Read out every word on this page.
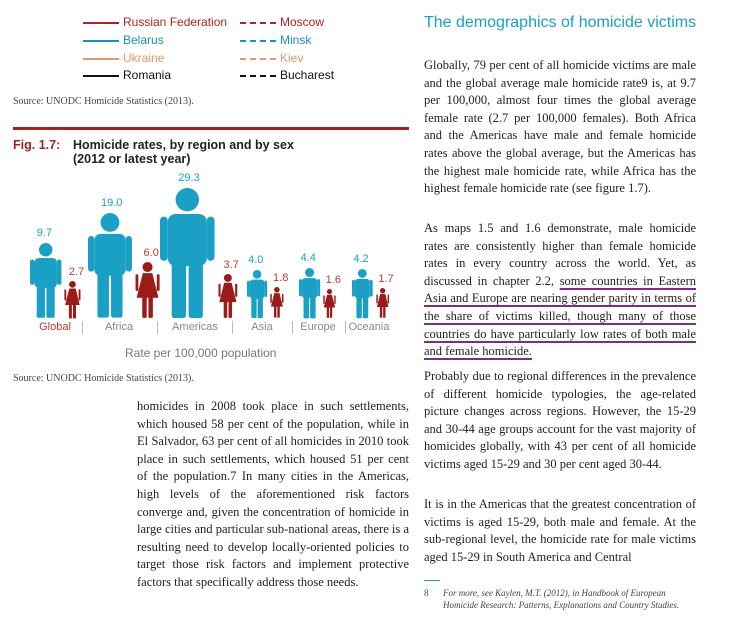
Russian Federation	Moscow
Belarus	Minsk
Ukraine	Kiev
Romania	Bucharest
Source: UNODC Homicide Statistics (2013).
Fig. 1.7: Homicide rates, by region and by sex
(2012 or latest year)
9.7
2.7
Global
19.0
6.0
Africa
29.3
3.7
Americas
4.0
1.8
Asia
4.4
1.6
Europe
4.2
1.7
Oceania
Rate per 100,000 population
Source: UNODC Homicide Statistics (2013).
homicides in 2008 took place in such settlements, which housed 58 per cent of the population, while in El Salvador, 63 per cent of all homicides in 2010 took place in such settlements, which housed 51 per cent of the population.7 In many cities in the Americas, high levels of the aforementioned risk factors converge and, given the concentration of homicide in large cities and particular sub-national areas, there is a resulting need to develop locally-oriented policies to target those risk factors and implement protective factors that specifically address those needs.
The demographics of homicide victims
Globally, 79 per cent of all homicide victims are male and the global average male homicide rate9 is, at 9.7 per 100,000, almost four times the global average female rate (2.7 per 100,000 females). Both Africa and the Americas have male and female homicide rates above the global average, but the Americas has the highest male homicide rate, while Africa has the highest female homicide rate (see figure 1.7).
As maps 1.5 and 1.6 demonstrate, male homicide rates are consistently higher than female homicide rates in every country across the world. Yet, as discussed in chapter 2.2, some countries in Eastern Asia and Europe are nearing gender parity in terms of the share of victims killed, though many of those countries do have particularly low rates of both male and female homicide.
Probably due to regional differences in the prevalence of different homicide typologies, the age-related picture changes across regions. However, the 15-29 and 30-44 age groups account for the vast majority of homicides globally, with 43 per cent of all homicide victims aged 15-29 and 30 per cent aged 30-44.
It is in the Americas that the greatest concentration of victims is aged 15-29, both male and female. At the sub-regional level, the homicide rate for male victims aged 15-29 in South America and Central
8 For more, see Kaylen, M.T. (2012), in Handbook of European Homicide Research: Patterns, Explanations and Country Studies.
